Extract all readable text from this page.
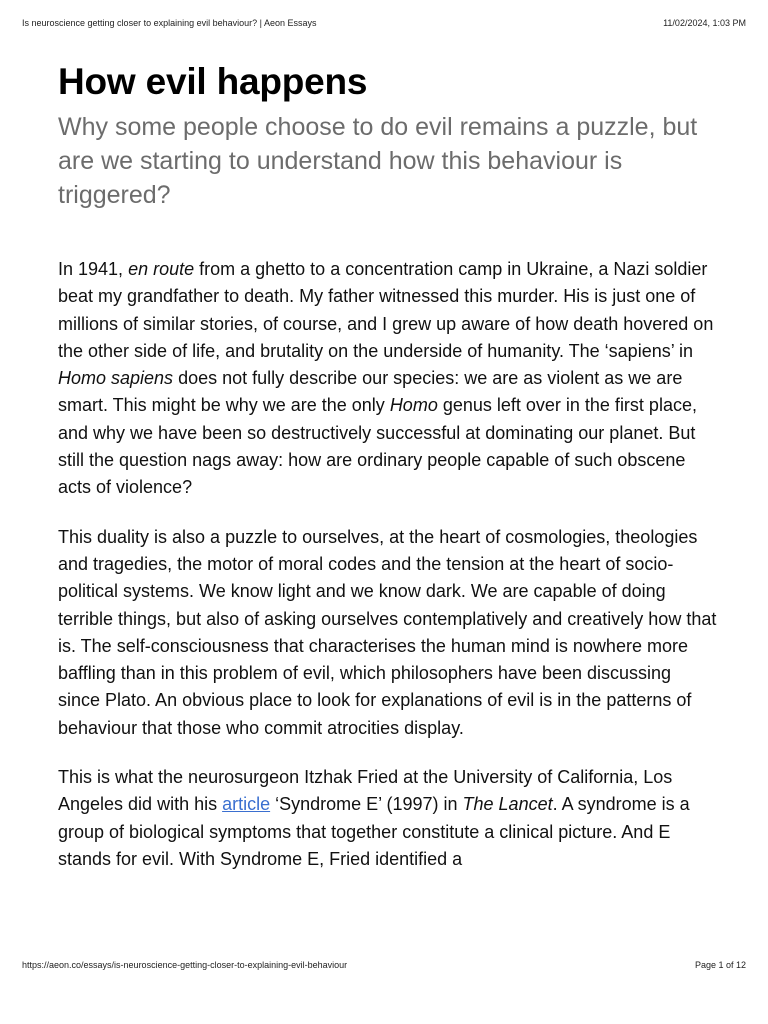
Is neuroscience getting closer to explaining evil behaviour? | Aeon Essays	11/02/2024, 1:03 PM
How evil happens
Why some people choose to do evil remains a puzzle, but are we starting to understand how this behaviour is triggered?

In 1941, en route from a ghetto to a concentration camp in Ukraine, a Nazi soldier beat my grandfather to death. My father witnessed this murder. His is just one of millions of similar stories, of course, and I grew up aware of how death hovered on the other side of life, and brutality on the underside of humanity. The ‘sapiens’ in Homo sapiens does not fully describe our species: we are as violent as we are smart. This might be why we are the only Homo genus left over in the first place, and why we have been so destructively successful at dominating our planet. But still the question nags away: how are ordinary people capable of such obscene acts of violence?

This duality is also a puzzle to ourselves, at the heart of cosmologies, theologies and tragedies, the motor of moral codes and the tension at the heart of socio-political systems. We know light and we know dark. We are capable of doing terrible things, but also of asking ourselves contemplatively and creatively how that is. The self-consciousness that characterises the human mind is nowhere more baffling than in this problem of evil, which philosophers have been discussing since Plato. An obvious place to look for explanations of evil is in the patterns of behaviour that those who commit atrocities display.

This is what the neurosurgeon Itzhak Fried at the University of California, Los Angeles did with his article ‘Syndrome E’ (1997) in The Lancet. A syndrome is a group of biological symptoms that together constitute a clinical picture. And E stands for evil. With Syndrome E, Fried identified a

https://aeon.co/essays/is-neuroscience-getting-closer-to-explaining-evil-behaviour	Page 1 of 12
